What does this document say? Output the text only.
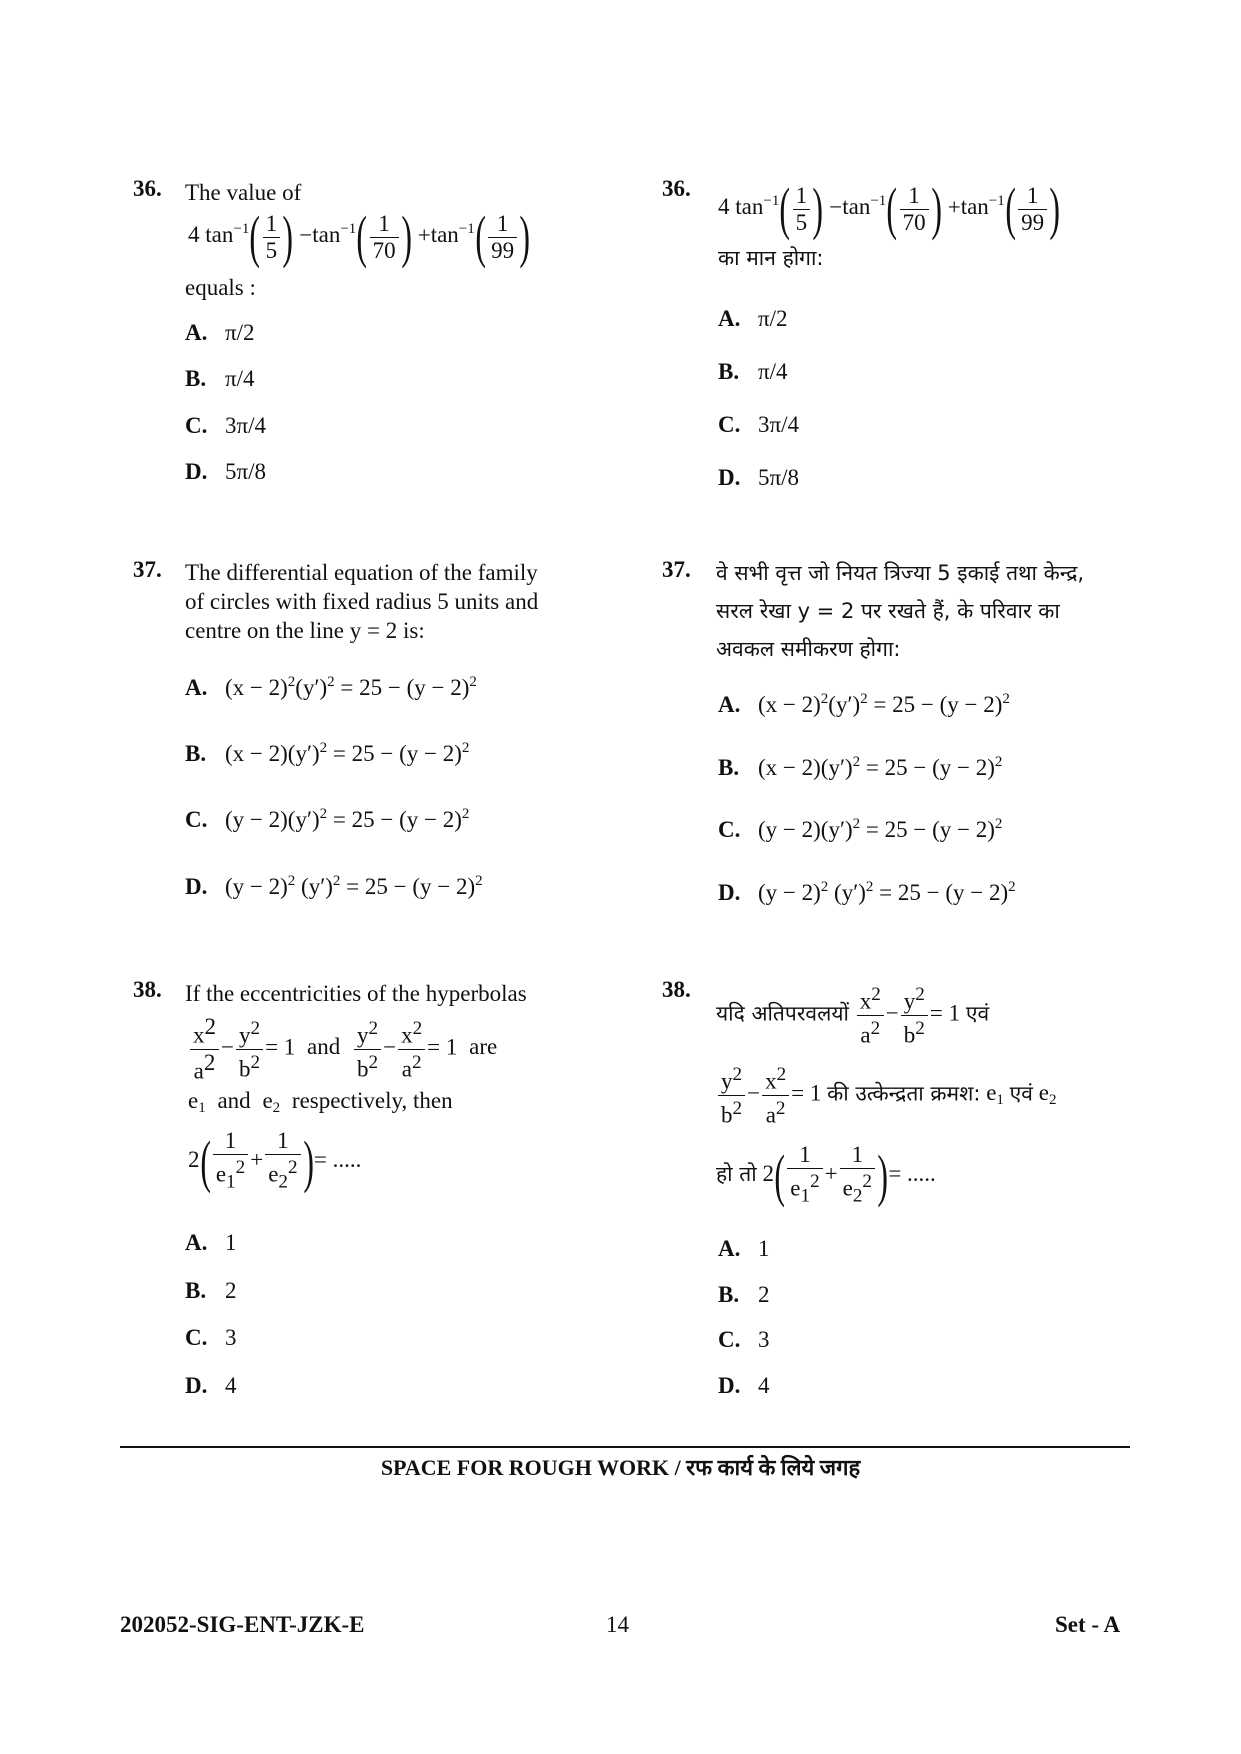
36. The value of
4 $\tan^{-1}( \frac{1}{5}$ ) $-\tan^{-1}( \frac{1}{70}$ ) $+\tan^{-1}( \frac{1}{99}$ )
equals :
A. π/2
B. π/4
C. 3π/4
D. 5π/8
36.
4 $\tan^{-1}( \frac{1}{5}$ ) $-\tan^{-1}( \frac{1}{70}$ ) $+\tan^{-1}( \frac{1}{99}$ )
का मान होगा:
A. π/2
B. π/4
C. 3π/4
D. 5π/8
37. The differential equation of the family
of circles with fixed radius 5 units and
centre on the line y = 2 is:
A. $(x - 2)^2(y')^2 = 25 - (y - 2)^2$
B. $(x - 2)(y')^2 = 25 - (y - 2)^2$
C. $(y - 2)(y')^2 = 25 - (y - 2)^2$
D. $(y - 2)^2$ $(y')^2 = 25 - (y - 2)^2$
37. वे सभी वृत्त जो नियत त्रिज्या 5 इकाई तथा केन्द्र,
सरल रेखा y = 2 पर रखते हैं, के परिवार का
अवकल समीकरण होगा:
A. $(x - 2)^2(y')^2 = 25 - (y - 2)^2$
B. $(x - 2)(y')^2 = 25 - (y - 2)^2$
C. $(y - 2)(y')^2 = 25 - (y - 2)^2$
D. $(y - 2)^2$ $(y')^2 = 25 - (y - 2)^2$
38. If the eccentricities of the hyperbolas
$\frac{x^2}{a^2} - \frac{y^2}{b^2} = 1$ and $\frac{y^2}{b^2} - \frac{x^2}{a^2} = 1$ are
$e_1$ and $e_2$ respectively, then
$2( \frac{1}{e_1^2} + \frac{1}{e_2^2}$ )= .....
A. 1
B. 2
C. 3
D. 4
38.
यदि अतिपरवलयों $\frac{x^2}{a^2} - \frac{y^2}{b^2} = 1$ एवं
$\frac{y^2}{b^2} - \frac{x^2}{a^2} = 1$ की उत्केन्द्रता क्रमश: $e_1$ एवं $e_2$
हो तो $2( \frac{1}{e_1^2} + \frac{1}{e_2^2}$ )= .....
A. 1
B. 2
C. 3
D. 4
SPACE FOR ROUGH WORK / रफ कार्य के लिये जगह
202052-SIG-ENT-JZK-E	14	Set - A
